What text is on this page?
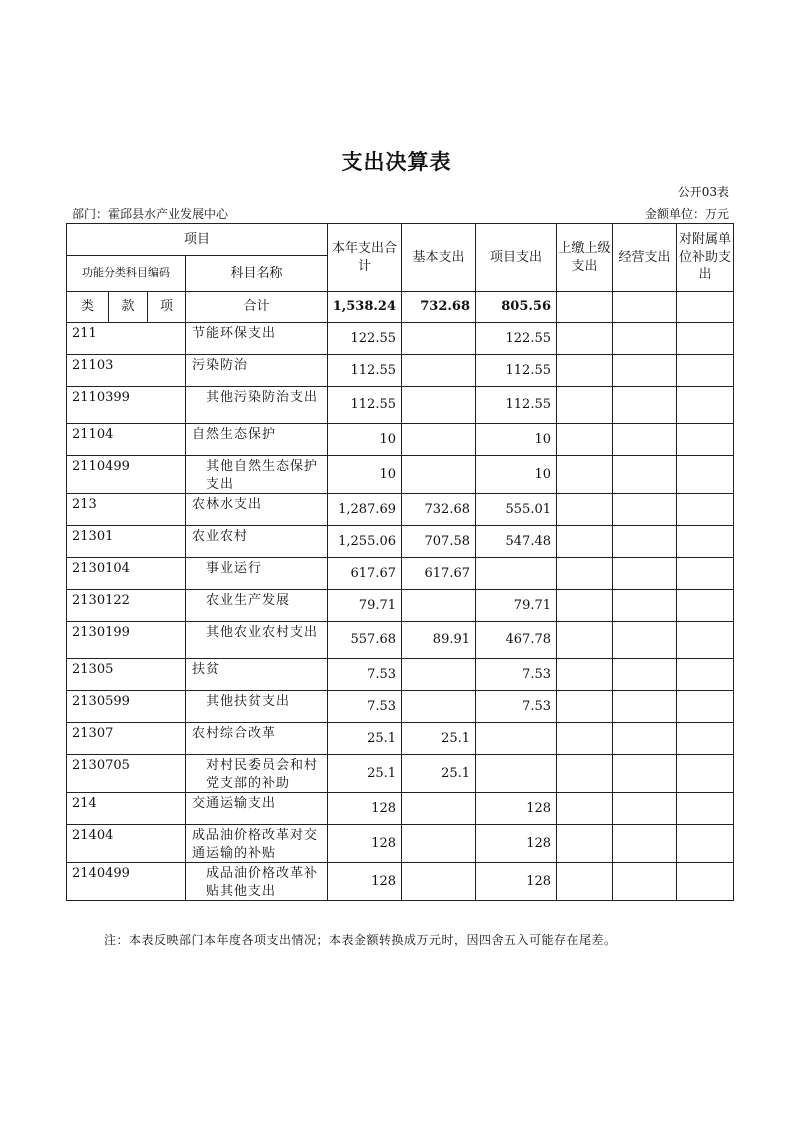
支出决算表
公开03表
部门：霍邱县水产业发展中心	金额单位：万元
项目				本年支出合计	基本支出	项目支出	上缴上级支出	经营支出	对附属单位补助支出
功能分类科目编码			科目名称						
类	款	项	合计	1,538.24	732.68	805.56			
211			节能环保支出	122.55		122.55			
21103			污染防治	112.55		112.55			
2110399			其他污染防治支出	112.55		112.55			
21104			自然生态保护	10		10			
2110499			其他自然生态保护支出	10		10			
213			农林水支出	1,287.69	732.68	555.01			
21301			农业农村	1,255.06	707.58	547.48			
2130104			事业运行	617.67	617.67				
2130122			农业生产发展	79.71		79.71			
2130199			其他农业农村支出	557.68	89.91	467.78			
21305			扶贫	7.53		7.53			
2130599			其他扶贫支出	7.53		7.53			
21307			农村综合改革	25.1	25.1				
2130705			对村民委员会和村党支部的补助	25.1	25.1				
214			交通运输支出	128		128			
21404			成品油价格改革对交通运输的补贴	128		128			
2140499			成品油价格改革补贴其他支出	128		128			
注：本表反映部门本年度各项支出情况；本表金额转换成万元时，因四舍五入可能存在尾差。
